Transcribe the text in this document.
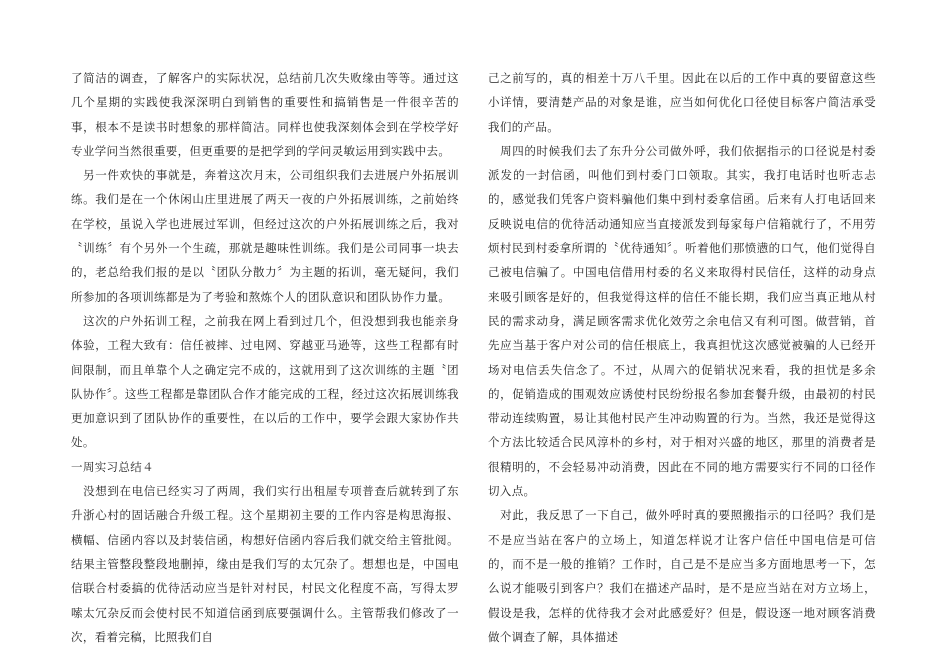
了简洁的调查，了解客户的实际状况，总结前几次失败缘由等等。通过这几个星期的实践使我深深明白到销售的重要性和搞销售是一件很辛苦的事，根本不是读书时想象的那样简洁。同样也使我深刻体会到在学校学好专业学问当然很重要，但更重要的是把学到的学问灵敏运用到实践中去。

　另一件欢快的事就是，奔着这次月末，公司组织我们去进展户外拓展训练。我们是在一个休闲山庄里进展了两天一夜的户外拓展训练，之前始终在学校，虽说入学也进展过军训，但经过这次的户外拓展训练之后，我对〝训练〞有个另外一个生疏，那就是趣味性训练。我们是公司同事一块去的，老总给我们报的是以〝团队分散力〞为主题的拓训，毫无疑问，我们所参加的各项训练都是为了考验和熬炼个人的团队意识和团队协作力量。

　这次的户外拓训工程，之前我在网上看到过几个，但没想到我也能亲身体验，工程大致有：信任被摔、过电网、穿越亚马逊等，这些工程都有时间限制，而且单靠个人之确定完不成的，这就用到了这次训练的主题〝团队协作〞。这些工程都是靠团队合作才能完成的工程，经过这次拓展训练我更加意识到了团队协作的重要性，在以后的工作中，要学会跟大家协作共处。

一周实习总结４

　没想到在电信已经实习了两周，我们实行出租屋专项普查后就转到了东升浙心村的固话融合升级工程。这个星期初主要的工作内容是构思海报、横幅、信函内容以及封装信函，构想好信函内容后我们就交给主管批阅。结果主管整段整段地删掉，缘由是我们写的太冗杂了。想想也是，中国电信联合村委搞的优待活动应当是针对村民，村民文化程度不高，写得太罗嗦太冗杂反而会使村民不知道信函到底要强调什么。主管帮我们修改了一次，看着完稿，比照我们自

己之前写的，真的相差十万八千里。因此在以后的工作中真的要留意这些小详情，要清楚产品的对象是谁，应当如何优化口径使目标客户简洁承受我们的产品。

　周四的时候我们去了东升分公司做外呼，我们依据指示的口径说是村委派发的一封信函，叫他们到村委门口领取。其实，我打电话时也听志忐的，感觉我们凭客户资料骗他们集中到村委拿信函。后来有人打电话回来反映说电信的优待活动通知应当直接派发到每家每户信箱就行了，不用劳烦村民到村委拿所谓的〝优待通知〞。听着他们那愤懑的口气，他们觉得自己被电信骗了。中国电信借用村委的名义来取得村民信任，这样的动身点来吸引顾客是好的，但我觉得这样的信任不能长期，我们应当真正地从村民的需求动身，满足顾客需求优化效劳之余电信又有利可图。做营销，首先应当基于客户对公司的信任根底上，我真担忧这次感觉被骗的人已经开场对电信丢失信念了。不过，从周六的促销状况来看，我的担忧是多余的，促销造成的围观效应诱使村民纷纷报名参加套餐升级，由最初的村民带动连续购置，易让其他村民产生冲动购置的行为。当然，我还是觉得这个方法比较适合民风淳朴的乡村，对于相对兴盛的地区，那里的消费者是很精明的，不会轻易冲动消费，因此在不同的地方需要实行不同的口径作切入点。

　对此，我反思了一下自己，做外呼时真的要照搬指示的口径吗？我们是不是应当站在客户的立场上，知道怎样说才让客户信任中国电信是可信的，而不是一般的推销？工作时，自己是不是应当多方面地思考一下，怎么说才能吸引到客户？我们在描述产品时，是不是应当站在对方立场上，假设是我，怎样的优待我才会对此感爱好？但是，假设逐一地对顾客消费做个调查了解，具体描述
